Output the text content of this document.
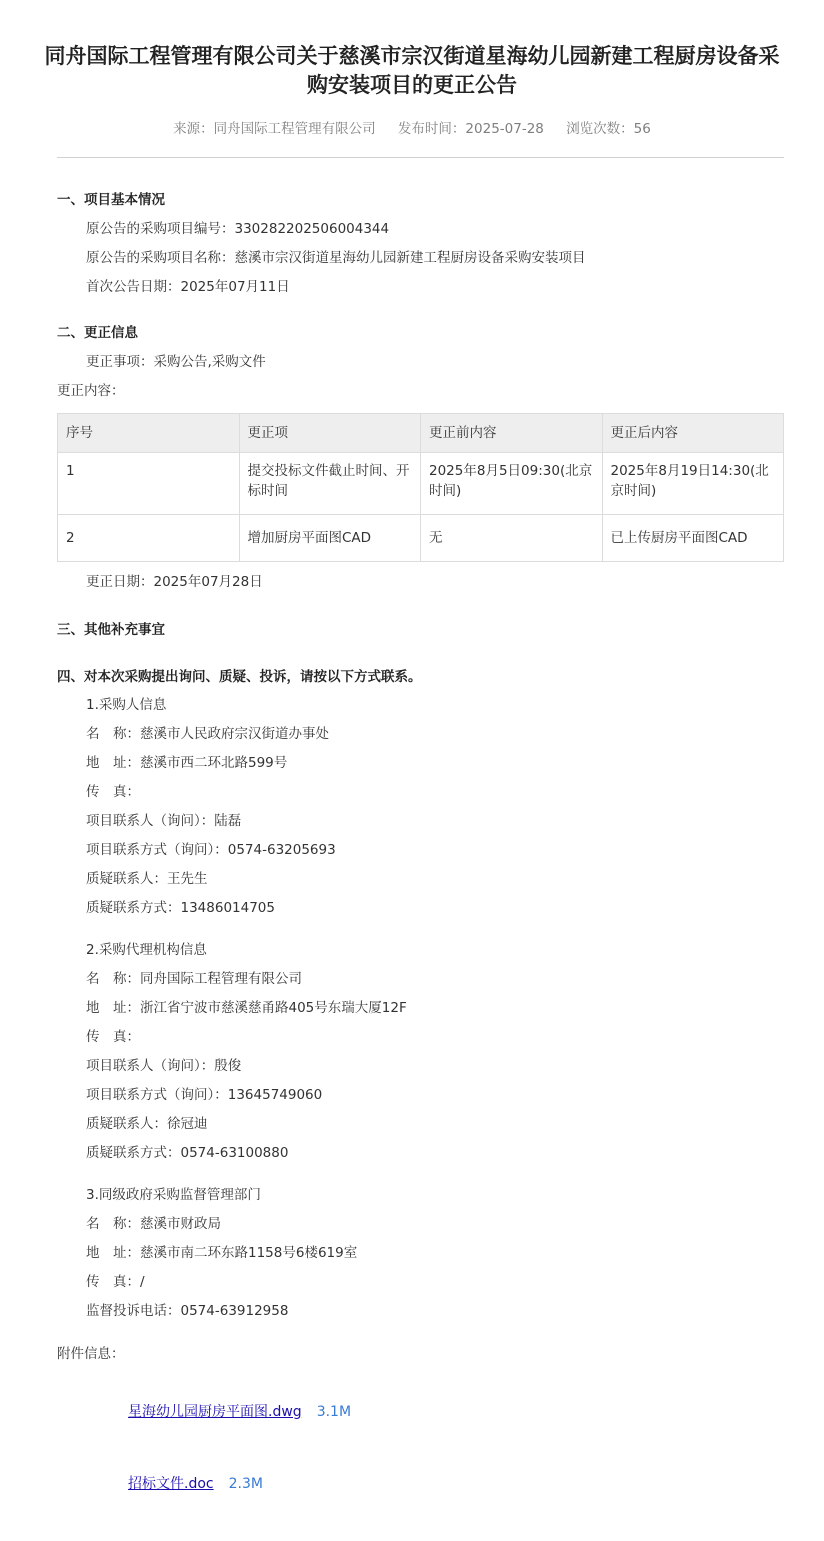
同舟国际工程管理有限公司关于慈溪市宗汉街道星海幼儿园新建工程厨房设备采购安装项目的更正公告
来源：同舟国际工程管理有限公司 发布时间：2025-07-28 浏览次数：56
一、项目基本情况
原公告的采购项目编号：330282202506004344
原公告的采购项目名称：慈溪市宗汉街道星海幼儿园新建工程厨房设备采购安装项目
首次公告日期：2025年07月11日
二、更正信息
更正事项：采购公告,采购文件
更正内容：
序号	更正项	更正前内容	更正后内容
1	提交投标文件截止时间、开标时间	2025年8月5日09:30(北京时间)	2025年8月19日14:30(北京时间)
2	增加厨房平面图CAD	无	已上传厨房平面图CAD
更正日期：2025年07月28日
三、其他补充事宜
四、对本次采购提出询问、质疑、投诉，请按以下方式联系。
1.采购人信息
名　称：慈溪市人民政府宗汉街道办事处
地　址：慈溪市西二环北路599号
传　真：
项目联系人（询问）：陆磊
项目联系方式（询问）：0574-63205693
质疑联系人：王先生
质疑联系方式：13486014705
2.采购代理机构信息
名　称：同舟国际工程管理有限公司
地　址：浙江省宁波市慈溪慈甬路405号东瑞大厦12F
传　真：
项目联系人（询问）：殷俊
项目联系方式（询问）：13645749060
质疑联系人：徐冠迪
质疑联系方式：0574-63100880
3.同级政府采购监督管理部门
名　称：慈溪市财政局
地　址：慈溪市南二环东路1158号6楼619室
传　真：/
监督投诉电话：0574-63912958
附件信息：
星海幼儿园厨房平面图.dwg 3.1M
招标文件.doc 2.3M
